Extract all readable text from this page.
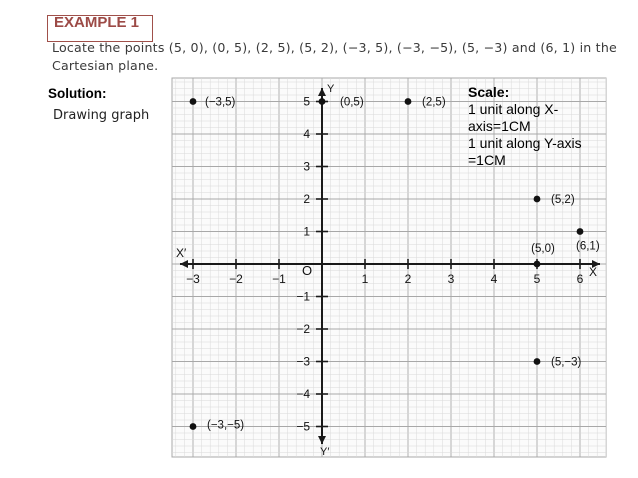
EXAMPLE 1
Locate the points (5, 0), (0, 5), (2, 5), (5, 2), (−3, 5), (−3, −5), (5, −3) and (6, 1) in the Cartesian plane.
Solution:
Drawing graph
X
X′
Y
Y′
O
−3 −2 −1	1	2	3	4	5	6
5
4
3
2
1
−1
−2
−3
−4
−5
(5,0)
(0,5)	(2,5)
(5,2)
(−3,5)
(−3,−5)
(5,−3)
(6,1)
Scale:
1 unit along X-axis=1CM
1 unit along Y-axis =1CM
